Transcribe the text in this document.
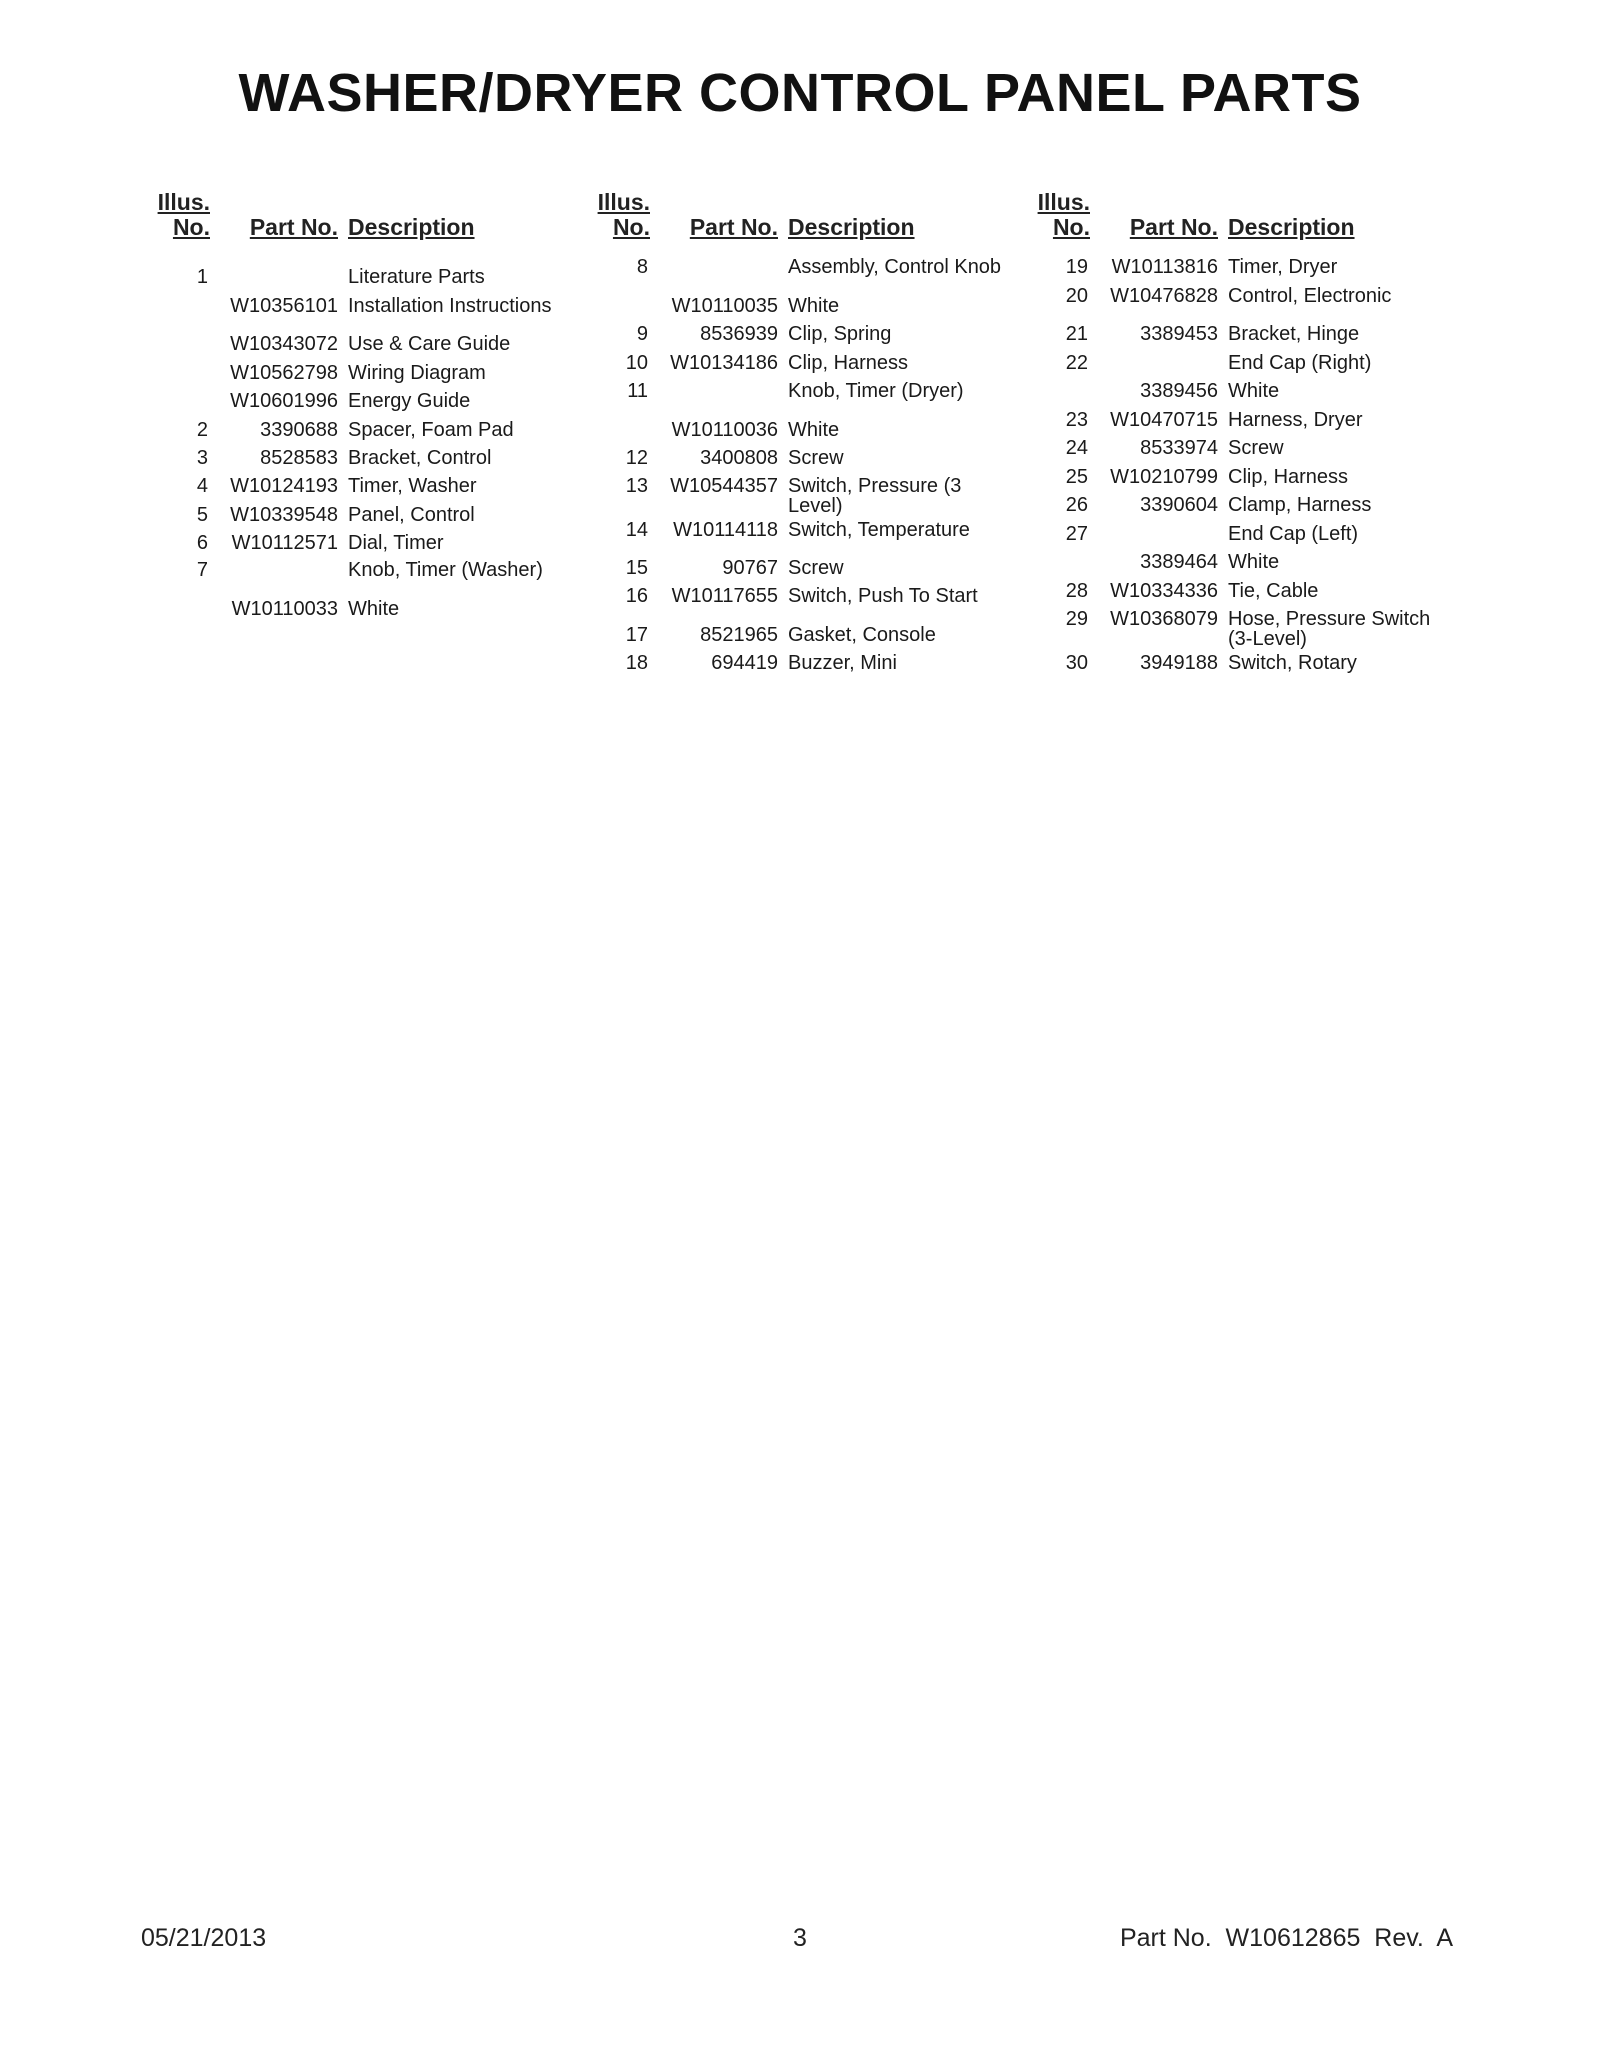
WASHER/DRYER CONTROL PANEL PARTS
Illus.
No.	Part No. Description
1	Literature Parts
W10356101 Installation Instructions
W10343072 Use & Care Guide
W10562798 Wiring Diagram
W10601996 Energy Guide
2	3390688 Spacer, Foam Pad
3	8528583 Bracket, Control
4	W10124193 Timer, Washer
5	W10339548 Panel, Control
6	W10112571 Dial, Timer
7	Knob, Timer (Washer)
W10110033 White
Illus.
No.	Part No. Description
8	Assembly, Control Knob
W10110035 White
9	8536939 Clip, Spring
10	W10134186 Clip, Harness
11	Knob, Timer (Dryer)
W10110036 White
12	3400808 Screw
13	W10544357 Switch, Pressure (3 Level)
14	W10114118 Switch, Temperature
15	90767 Screw
16	W10117655 Switch, Push To Start
17	8521965 Gasket, Console
18	694419 Buzzer, Mini
Illus.
No.	Part No. Description
19	W10113816 Timer, Dryer
20	W10476828 Control, Electronic
21	3389453 Bracket, Hinge
22	End Cap (Right)
3389456 White
23	W10470715 Harness, Dryer
24	8533974 Screw
25	W10210799 Clip, Harness
26	3390604 Clamp, Harness
27	End Cap (Left)
3389464 White
28	W10334336 Tie, Cable
29	W10368079 Hose, Pressure Switch (3-Level)
30	3949188 Switch, Rotary
05/21/2013	3	Part No.  W10612865  Rev.  A
